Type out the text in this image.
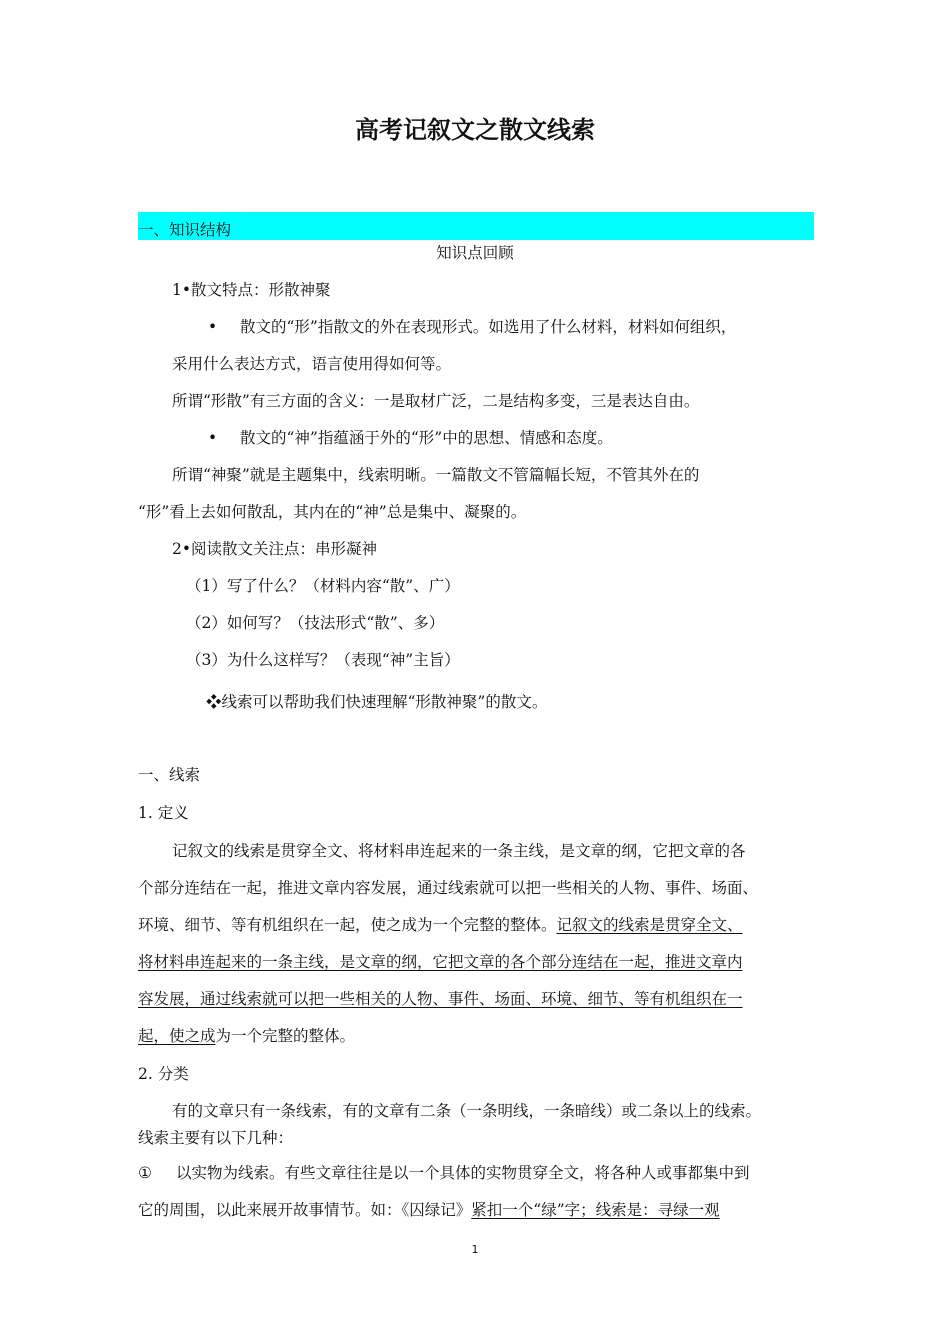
高考记叙文之散文线索
一、知识结构
知识点回顾
1•散文特点：形散神聚
• 散文的“形”指散文的外在表现形式。如选用了什么材料，材料如何组织，
采用什么表达方式，语言使用得如何等。
所谓“形散”有三方面的含义：一是取材广泛，二是结构多变，三是表达自由。
• 散文的“神”指蕴涵于外的“形”中的思想、情感和态度。
所谓“神聚”就是主题集中，线索明晰。一篇散文不管篇幅长短，不管其外在的
“形”看上去如何散乱，其内在的“神”总是集中、凝聚的。
2•阅读散文关注点：串形凝神
（1）写了什么？（材料内容“散”、广）
（2）如何写？（技法形式“散”、多）
（3）为什么这样写？（表现“神”主旨）
❖线索可以帮助我们快速理解“形散神聚”的散文。
一、线索
1. 定义
记叙文的线索是贯穿全文、将材料串连起来的一条主线，是文章的纲，它把文章的各
个部分连结在一起，推进文章内容发展，通过线索就可以把一些相关的人物、事件、场面、
环境、细节、等有机组织在一起，使之成为一个完整的整体。记叙文的线索是贯穿全文、
将材料串连起来的一条主线，是文章的纲，它把文章的各个部分连结在一起，推进文章内
容发展，通过线索就可以把一些相关的人物、事件、场面、环境、细节、等有机组织在一
起，使之成为一个完整的整体。
2. 分类
有的文章只有一条线索，有的文章有二条（一条明线，一条暗线）或二条以上的线索。
线索主要有以下几种：
① 以实物为线索。有些文章往往是以一个具体的实物贯穿全文，将各种人或事都集中到
它的周围，以此来展开故事情节。如：《囚绿记》紧扣一个“绿”字；线索是：寻绿一观
1
